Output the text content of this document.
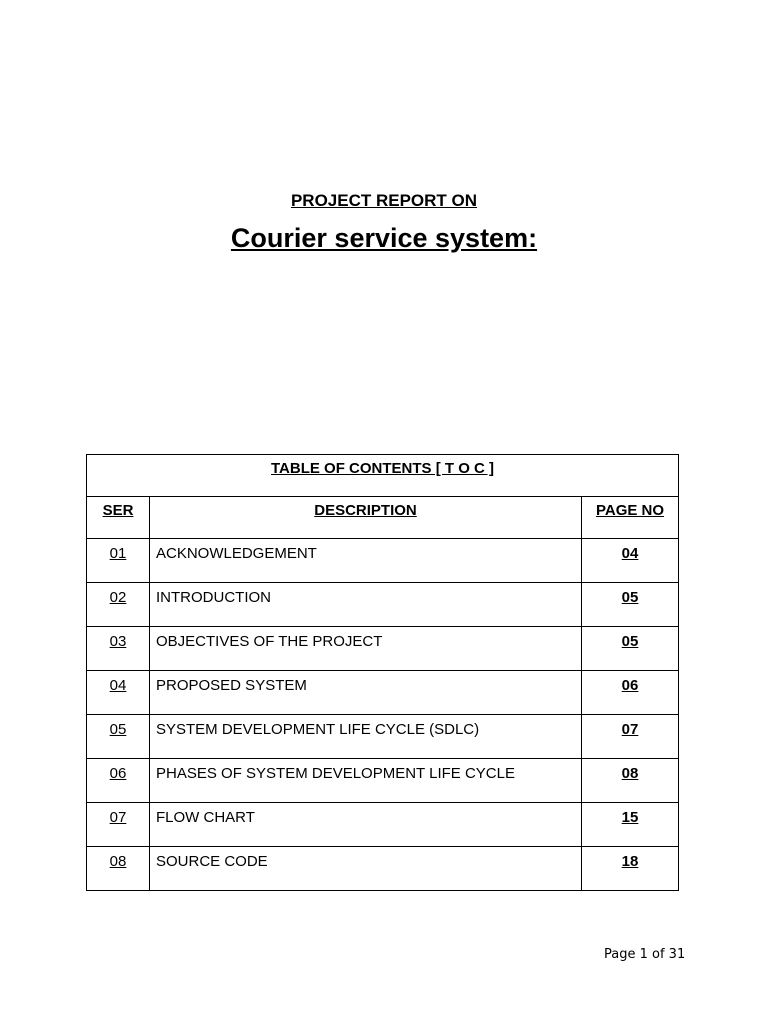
PROJECT REPORT ON
Courier service system:
TABLE OF CONTENTS [ T O C ]		

SER	DESCRIPTION	PAGE NO

01	ACKNOWLEDGEMENT	04
02	INTRODUCTION	05
03	OBJECTIVES OF THE PROJECT	05
04	PROPOSED SYSTEM	06
05	SYSTEM DEVELOPMENT LIFE CYCLE (SDLC)	07
06	PHASES OF SYSTEM DEVELOPMENT LIFE CYCLE	08
07	FLOW CHART	15
08	SOURCE CODE	18
Page 1 of 31
